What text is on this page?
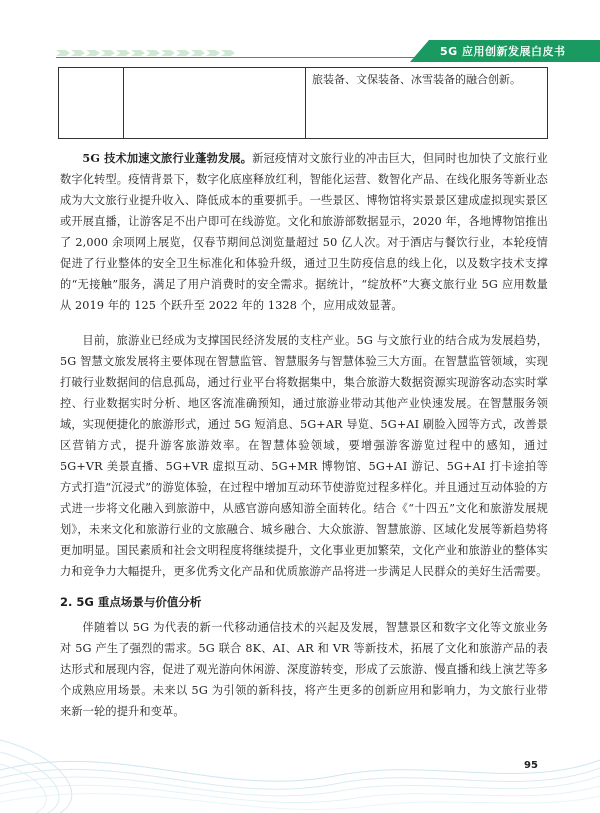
5G 应用创新发展白皮书
旅装备、文保装备、冰雪装备的融合创新。

5G 技术加速文旅行业蓬勃发展。新冠疫情对文旅行业的冲击巨大，但同时也加快了文旅行业数字化转型。疫情背景下，数字化底座释放红利，智能化运营、数智化产品、在线化服务等新业态成为大文旅行业提升收入、降低成本的重要抓手。一些景区、博物馆将实景景区建成虚拟现实景区或开展直播，让游客足不出户即可在线游览。文化和旅游部数据显示，2020 年，各地博物馆推出了 2,000 余项网上展览，仅春节期间总浏览量超过 50 亿人次。对于酒店与餐饮行业，本轮疫情促进了行业整体的安全卫生标准化和体验升级，通过卫生防疫信息的线上化，以及数字技术支撑的“无接触”服务，满足了用户消费时的安全需求。据统计，“绽放杯”大赛文旅行业 5G 应用数量从 2019 年的 125 个跃升至 2022 年的 1328 个，应用成效显著。

目前，旅游业已经成为支撑国民经济发展的支柱产业。5G 与文旅行业的结合成为发展趋势，5G 智慧文旅发展将主要体现在智慧监管、智慧服务与智慧体验三大方面。在智慧监管领域，实现打破行业数据间的信息孤岛，通过行业平台将数据集中，集合旅游大数据资源实现游客动态实时掌控、行业数据实时分析、地区客流准确预知，通过旅游业带动其他产业快速发展。在智慧服务领域，实现便捷化的旅游形式，通过 5G 短消息、5G+AR 导览、5G+AI 刷脸入园等方式，改善景区营销方式，提升游客旅游效率。在智慧体验领域，要增强游客游览过程中的感知，通过 5G+VR 美景直播、5G+VR 虚拟互动、5G+MR 博物馆、5G+AI 游记、5G+AI 打卡途拍等方式打造“沉浸式”的游览体验，在过程中增加互动环节使游览过程多样化。并且通过互动体验的方式进一步将文化融入到旅游中，从感官游向感知游全面转化。结合《“十四五”文化和旅游发展规划》，未来文化和旅游行业的文旅融合、城乡融合、大众旅游、智慧旅游、区域化发展等新趋势将更加明显。国民素质和社会文明程度将继续提升，文化事业更加繁荣，文化产业和旅游业的整体实力和竞争力大幅提升，更多优秀文化产品和优质旅游产品将进一步满足人民群众的美好生活需要。

2. 5G 重点场景与价值分析

伴随着以 5G 为代表的新一代移动通信技术的兴起及发展，智慧景区和数字文化等文旅业务对 5G 产生了强烈的需求。5G 联合 8K、AI、AR 和 VR 等新技术，拓展了文化和旅游产品的表达形式和展现内容，促进了观光游向休闲游、深度游转变，形成了云旅游、慢直播和线上演艺等多个成熟应用场景。未来以 5G 为引领的新科技，将产生更多的创新应用和影响力，为文旅行业带来新一轮的提升和变革。

95
